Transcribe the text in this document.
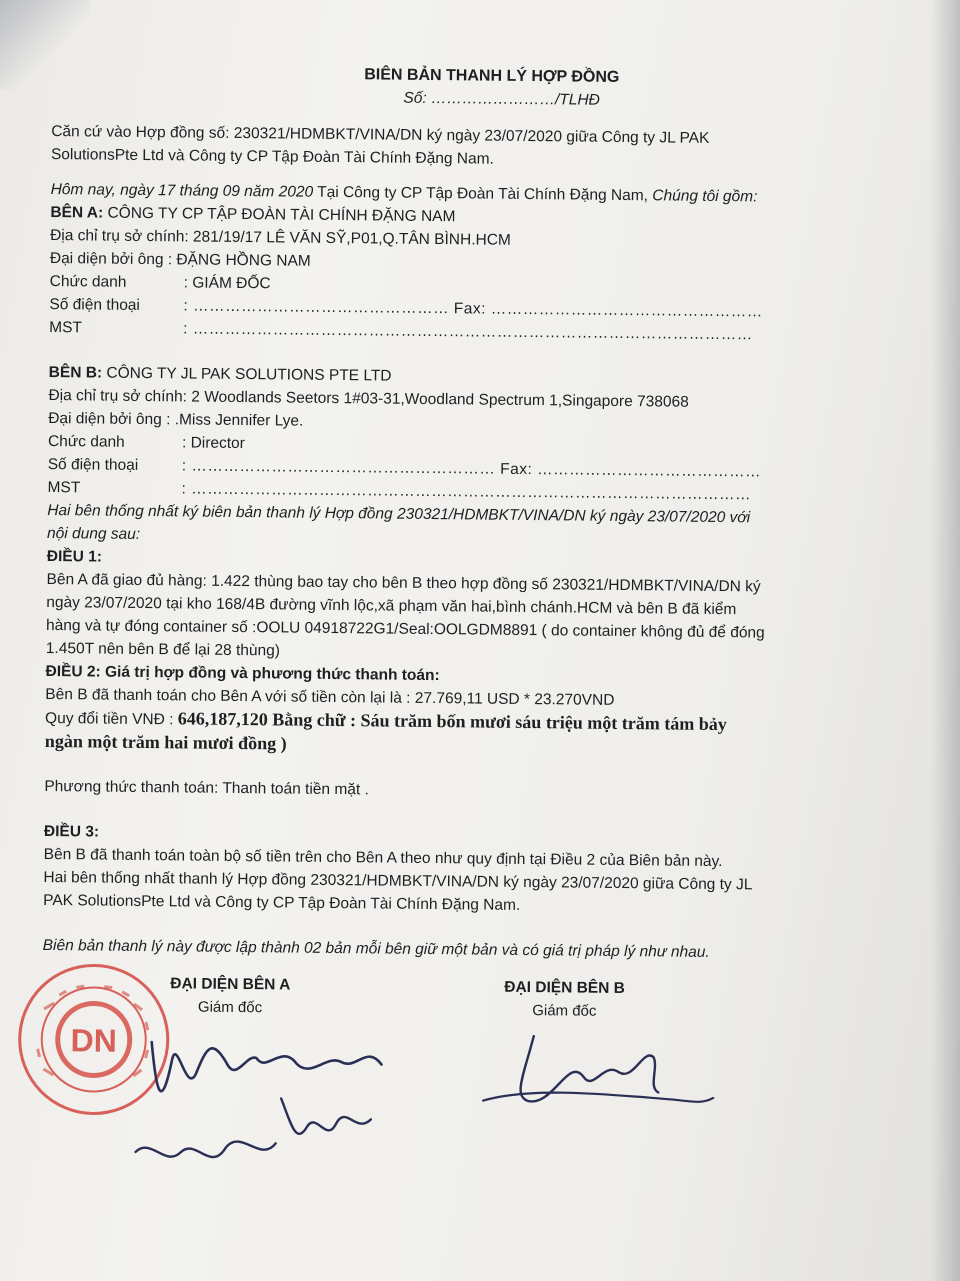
BIÊN BẢN THANH LÝ HỢP ĐỒNG
Số: ……………………/TLHĐ

Căn cứ vào Hợp đồng số: 230321/HDMBKT/VINA/DN ký ngày 23/07/2020 giữa Công ty JL PAK

SolutionsPte Ltd và Công ty CP Tập Đoàn Tài Chính Đặng Nam.

Hôm nay, ngày 17 tháng 09 năm 2020 Tại Công ty CP Tập Đoàn Tài Chính Đặng Nam, Chúng tôi gồm:

BÊN A: CÔNG TY CP TẬP ĐOÀN TÀI CHÍNH ĐẶNG NAM

Địa chỉ trụ sở chính: 281/19/17 LÊ VĂN SỸ,P01,Q.TÂN BÌNH.HCM

Đại diện bởi ông : ĐẶNG HỒNG NAM

Chức danh	: GIÁM ĐỐC
Số điện thoại	: ………………………………………… Fax: ……………………………………………
MST	: ……………………………………………………………………………………………

BÊN B: CÔNG TY JL PAK SOLUTIONS PTE LTD

Địa chỉ trụ sở chính: 2 Woodlands Seetors 1#03-31,Woodland Spectrum 1,Singapore 738068

Đại diện bởi ông : .Miss Jennifer Lye.

Chức danh	: Director
Số điện thoại	: ………………………………………………… Fax: ……………………………………
MST	: ……………………………………………………………………………………………

Hai bên thống nhất ký biên bản thanh lý Hợp đồng 230321/HDMBKT/VINA/DN ký ngày 23/07/2020 với

nội dung sau:

ĐIỀU 1:

Bên A đã giao đủ hàng: 1.422 thùng bao tay cho bên B theo hợp đồng số 230321/HDMBKT/VINA/DN ký

ngày 23/07/2020 tại kho 168/4B đường vĩnh lộc,xã phạm văn hai,bình chánh.HCM và bên B đã kiểm

hàng và tự đóng container số :OOLU 04918722G1/Seal:OOLGDM8891 ( do container không đủ để đóng

1.450T nên bên B để lại 28 thùng)

ĐIỀU 2: Giá trị hợp đồng và phương thức thanh toán:

Bên B đã thanh toán cho Bên A với số tiền còn lại là : 27.769,11 USD * 23.270VND

Quy đổi tiền VNĐ : 646,187,120 Bằng chữ : Sáu trăm bốn mươi sáu triệu một trăm tám bảy

ngàn một trăm hai mươi đồng )

Phương thức thanh toán: Thanh toán tiền mặt .

ĐIỀU 3:

Bên B đã thanh toán toàn bộ số tiền trên cho Bên A theo như quy định tại Điều 2 của Biên bản này.

Hai bên thống nhất thanh lý Hợp đồng 230321/HDMBKT/VINA/DN ký ngày 23/07/2020 giữa Công ty JL

PAK SolutionsPte Ltd và Công ty CP Tập Đoàn Tài Chính Đặng Nam.

Biên bản thanh lý này được lập thành 02 bản mỗi bên giữ một bản và có giá trị pháp lý như nhau.

DN
ĐẠI DIỆN BÊN A
Giám đốc
ĐẠI DIỆN BÊN B
Giám đốc
